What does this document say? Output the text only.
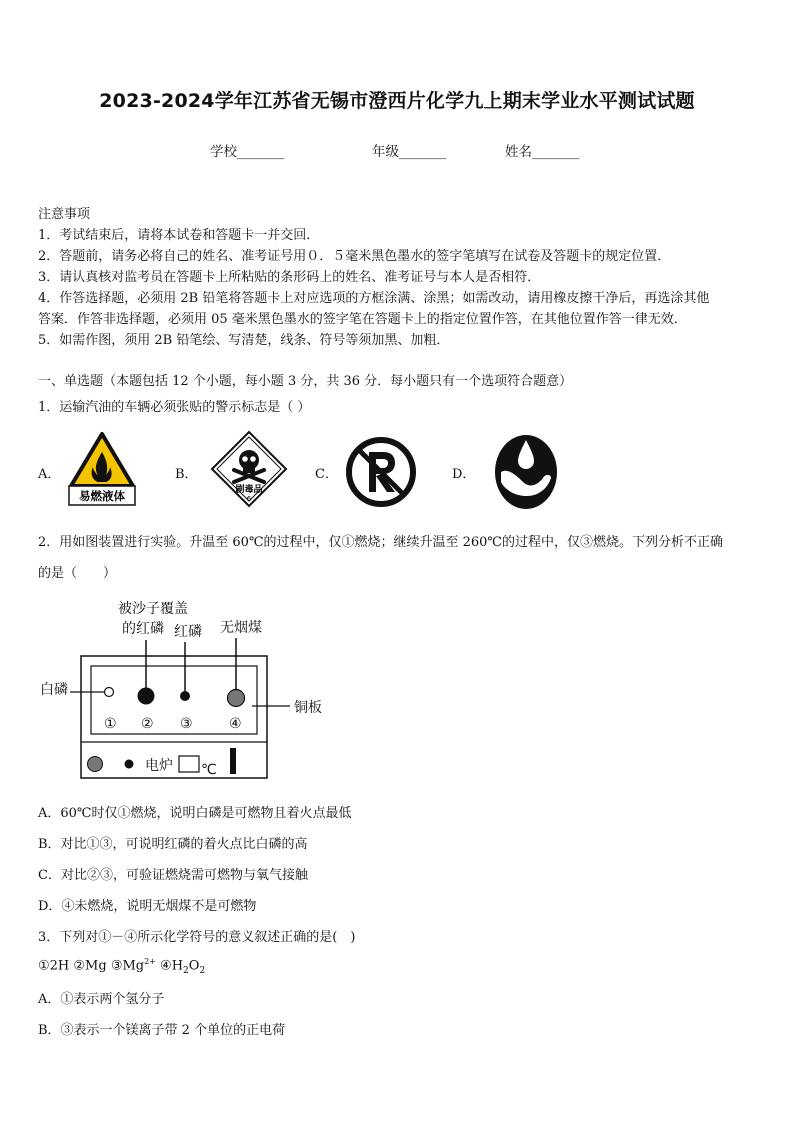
2023-2024学年江苏省无锡市澄西片化学九上期末学业水平测试试题
学校_______	年级_______	姓名_______
注意事项
1．考试结束后，请将本试卷和答题卡一并交回．
2．答题前，请务必将自己的姓名、准考证号用０．５毫米黑色墨水的签字笔填写在试卷及答题卡的规定位置．
3．请认真核对监考员在答题卡上所粘贴的条形码上的姓名、准考证号与本人是否相符．
4．作答选择题，必须用 2B 铅笔将答题卡上对应选项的方框涂满、涂黑；如需改动，请用橡皮擦干净后，再选涂其他
答案．作答非选择题，必须用 05 毫米黑色墨水的签字笔在答题卡上的指定位置作答，在其他位置作答一律无效．
5．如需作图，须用 2B 铅笔绘、写清楚，线条、符号等须加黑、加粗．
一、单选题（本题包括 12 个小题，每小题 3 分，共 36 分．每小题只有一个选项符合题意）
1．运输汽油的车辆必须张贴的警示标志是（ ）
A．	B．	C．	D．
易燃液体	剧毒品
6
2．用如图装置进行实验。升温至 60℃的过程中，仅①燃烧；继续升温至 260℃的过程中，仅③燃烧。下列分析不正确
的是（　　）
被沙子覆盖
的红磷 红磷 无烟煤
白磷
铜板
① ② ③	④
电炉 ℃
A．60℃时仅①燃烧，说明白磷是可燃物且着火点最低
B．对比①③，可说明红磷的着火点比白磷的高
C．对比②③，可验证燃烧需可燃物与氧气接触
D．④未燃烧，说明无烟煤不是可燃物
3．下列对①－④所示化学符号的意义叙述正确的是(　)
①2H ②Mg $③Mg^{2+}$ $④H_2O_2$
A．①表示两个氢分子
B．③表示一个镁离子带 2 个单位的正电荷
